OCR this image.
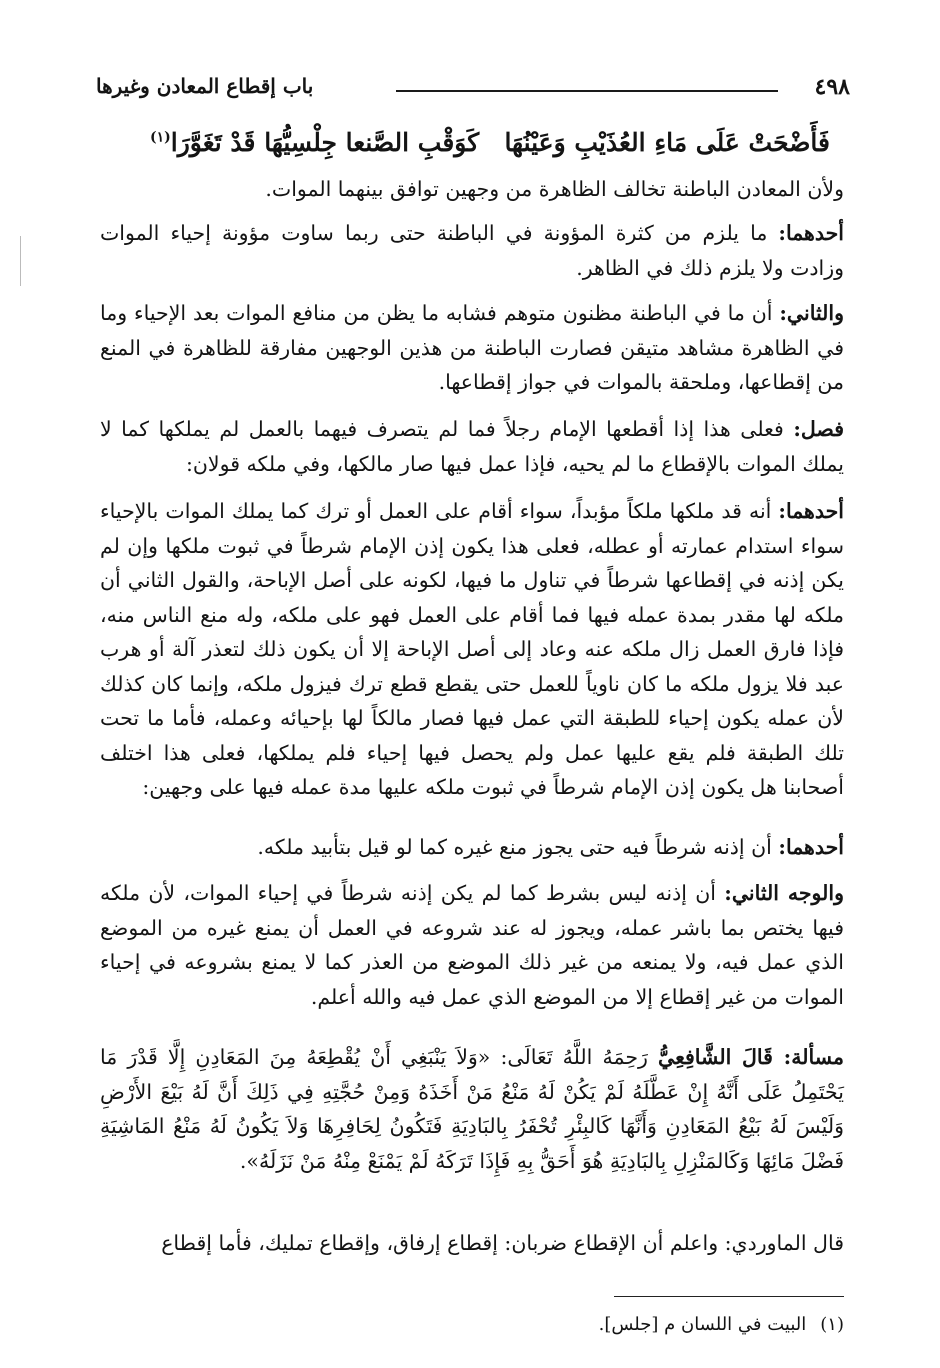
٤٩٨
باب إقطاع المعادن وغيرها
فَأَضْحَتْ عَلَى مَاءِ العُذَيْبِ وَعَيْنُهَا
كَوَقْبِ الصَّنعا جِلْسِيُّهَا قَدْ تَغَوَّرَا$^{(١)}$
ولأن المعادن الباطنة تخالف الظاهرة من وجهين توافق بينهما الموات.
أحدهما: ما يلزم من كثرة المؤونة في الباطنة حتى ربما ساوت مؤونة إحياء الموات وزادت ولا يلزم ذلك في الظاهر.
والثاني: أن ما في الباطنة مظنون متوهم فشابه ما يظن من منافع الموات بعد الإحياء وما في الظاهرة مشاهد متيقن فصارت الباطنة من هذين الوجهين مفارقة للظاهرة في المنع من إقطاعها، وملحقة بالموات في جواز إقطاعها.
فصل: فعلى هذا إذا أقطعها الإمام رجلاً فما لم يتصرف فيهما بالعمل لم يملكها كما لا يملك الموات بالإقطاع ما لم يحيه، فإذا عمل فيها صار مالكها، وفي ملكه قولان:
أحدهما: أنه قد ملكها ملكاً مؤبداً، سواء أقام على العمل أو ترك كما يملك الموات بالإحياء سواء استدام عمارته أو عطله، فعلى هذا يكون إذن الإمام شرطاً في ثبوت ملكها وإن لم يكن إذنه في إقطاعها شرطاً في تناول ما فيها، لكونه على أصل الإباحة، والقول الثاني أن ملكه لها مقدر بمدة عمله فيها فما أقام على العمل فهو على ملكه، وله منع الناس منه، فإذا فارق العمل زال ملكه عنه وعاد إلى أصل الإباحة إلا أن يكون ذلك لتعذر آلة أو هرب عبد فلا يزول ملكه ما كان ناوياً للعمل حتى يقطع قطع ترك فيزول ملكه، وإنما كان كذلك لأن عمله يكون إحياء للطبقة التي عمل فيها فصار مالكاً لها بإحيائه وعمله، فأما ما تحت تلك الطبقة فلم يقع عليها عمل ولم يحصل فيها إحياء فلم يملكها، فعلى هذا اختلف أصحابنا هل يكون إذن الإمام شرطاً في ثبوت ملكه عليها مدة عمله فيها على وجهين:
أحدهما: أن إذنه شرطاً فيه حتى يجوز منع غيره كما لو قيل بتأبيد ملكه.
والوجه الثاني: أن إذنه ليس بشرط كما لم يكن إذنه شرطاً في إحياء الموات، لأن ملكه فيها يختص بما باشر عمله، ويجوز له عند شروعه في العمل أن يمنع غيره من الموضع الذي عمل فيه، ولا يمنعه من غير ذلك الموضع من العذر كما لا يمنع بشروعه في إحياء الموات من غير إقطاع إلا من الموضع الذي عمل فيه والله أعلم.
مسألة: قَالَ الشَّافِعِيُّ رَحِمَهُ اللَّهُ تَعَالَى: «وَلاَ يَنْبَغِي أَنْ يُقْطِعَهُ مِنَ المَعَادِنِ إِلَّا قَدْرَ مَا يَحْتَمِلُ عَلَى أَنَّهُ إِنْ عَطَّلَهُ لَمْ يَكُنْ لَهُ مَنْعُ مَنْ أَخَذَهُ وَمِنْ حُجَّتِهِ فِي ذَلِكَ أَنَّ لَهُ بَيْعَ الأَرْضِ وَلَيْسَ لَهُ بَيْعُ المَعَادِنِ وَأَنَّهَا كَالبِئْرِ تُحْفَرُ بِالبَادِيَةِ فَتَكُونُ لِحَافِرِهَا وَلاَ يَكُونُ لَهُ مَنْعُ المَاشِيَةِ فَضْلَ مَائِهَا وَكَالمَنْزِلِ بِالبَادِيَةِ هُوَ أَحَقُّ بِهِ فَإِذَا تَرَكَهُ لَمْ يَمْنَعْ مِنْهُ مَنْ نَزَلَهُ».
قال الماوردي: واعلم أن الإقطاع ضربان: إقطاع إرفاق، وإقطاع تمليك، فأما إقطاع
(١)البيت في اللسان م [جلس].
